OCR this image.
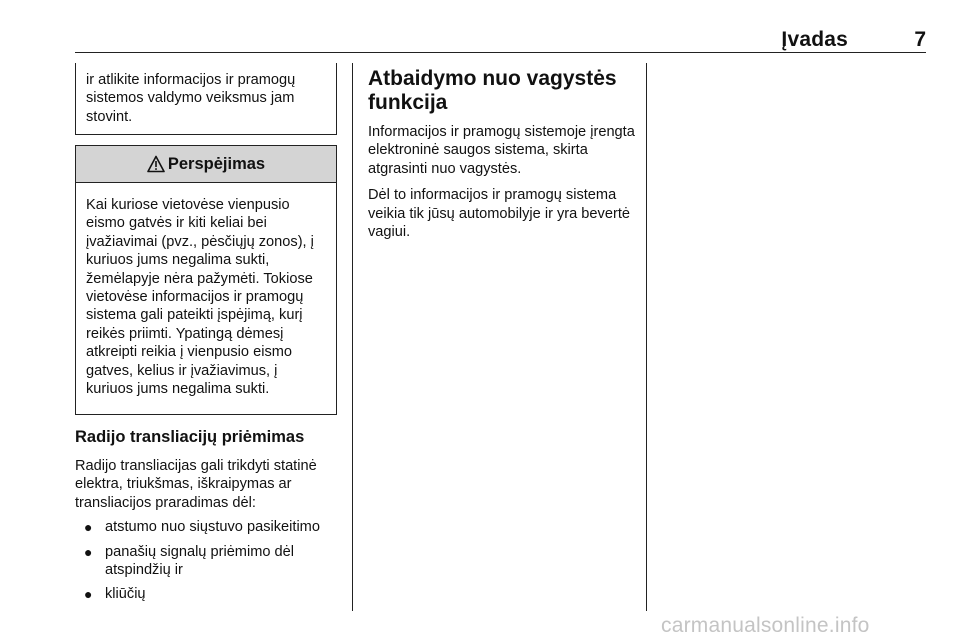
Įvadas	7

ir atlikite informacijos ir pramogų sistemos valdymo veiksmus jam stovint.

Perspėjimas

Kai kuriose vietovėse vienpusio eismo gatvės ir kiti keliai bei įvažiavimai (pvz., pėsčiųjų zonos), į kuriuos jums negalima sukti, žemėlapyje nėra pažymėti. Tokiose vietovėse informacijos ir pramogų sistema gali pateikti įspėjimą, kurį reikės priimti. Ypatingą dėmesį atkreipti reikia į vienpusio eismo gatves, kelius ir įvažiavimus, į kuriuos jums negalima sukti.

Radijo transliacijų priėmimas

Radijo transliacijas gali trikdyti statinė elektra, triukšmas, iškraipymas ar transliacijos praradimas dėl:

● atstumo nuo siųstuvo pasikeitimo
● panašių signalų priėmimo dėl atspindžių ir
● kliūčių
Atbaidymo nuo vagystės funkcija

Informacijos ir pramogų sistemoje įrengta elektroninė saugos sistema, skirta atgrasinti nuo vagystės.

Dėl to informacijos ir pramogų sistema veikia tik jūsų automobilyje ir yra bevertė vagiui.

carmanualsonline.info
